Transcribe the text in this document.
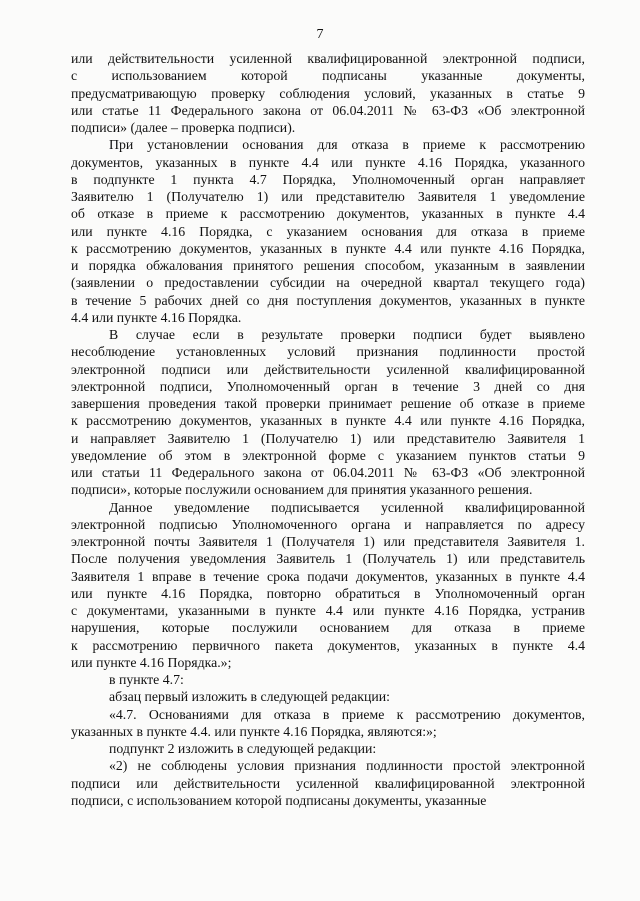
7

или действительности усиленной квалифицированной электронной подписи,

с использованием которой подписаны указанные документы,

предусматривающую проверку соблюдения условий, указанных в статье 9

или статье 11 Федерального закона от 06.04.2011 № 63-ФЗ «Об электронной

подписи» (далее – проверка подписи).

При установлении основания для отказа в приеме к рассмотрению

документов, указанных в пункте 4.4 или пункте 4.16 Порядка, указанного

в подпункте 1 пункта 4.7 Порядка, Уполномоченный орган направляет

Заявителю 1 (Получателю 1) или представителю Заявителя 1 уведомление

об отказе в приеме к рассмотрению документов, указанных в пункте 4.4

или пункте 4.16 Порядка, с указанием основания для отказа в приеме

к рассмотрению документов, указанных в пункте 4.4 или пункте 4.16 Порядка,

и порядка обжалования принятого решения способом, указанным в заявлении

(заявлении о предоставлении субсидии на очередной квартал текущего года)

в течение 5 рабочих дней со дня поступления документов, указанных в пункте

4.4 или пункте 4.16 Порядка.

В случае если в результате проверки подписи будет выявлено

несоблюдение установленных условий признания подлинности простой

электронной подписи или действительности усиленной квалифицированной

электронной подписи, Уполномоченный орган в течение 3 дней со дня

завершения проведения такой проверки принимает решение об отказе в приеме

к рассмотрению документов, указанных в пункте 4.4 или пункте 4.16 Порядка,

и направляет Заявителю 1 (Получателю 1) или представителю Заявителя 1

уведомление об этом в электронной форме с указанием пунктов статьи 9

или статьи 11 Федерального закона от 06.04.2011 № 63-ФЗ «Об электронной

подписи», которые послужили основанием для принятия указанного решения.

Данное уведомление подписывается усиленной квалифицированной

электронной подписью Уполномоченного органа и направляется по адресу

электронной почты Заявителя 1 (Получателя 1) или представителя Заявителя 1.

После получения уведомления Заявитель 1 (Получатель 1) или представитель

Заявителя 1 вправе в течение срока подачи документов, указанных в пункте 4.4

или пункте 4.16 Порядка, повторно обратиться в Уполномоченный орган

с документами, указанными в пункте 4.4 или пункте 4.16 Порядка, устранив

нарушения, которые послужили основанием для отказа в приеме

к рассмотрению первичного пакета документов, указанных в пункте 4.4

или пункте 4.16 Порядка.»;

в пункте 4.7:

абзац первый изложить в следующей редакции:

«4.7. Основаниями для отказа в приеме к рассмотрению документов,

указанных в пункте 4.4. или пункте 4.16 Порядка, являются:»;

подпункт 2 изложить в следующей редакции:

«2) не соблюдены условия признания подлинности простой электронной

подписи или действительности усиленной квалифицированной электронной

подписи, с использованием которой подписаны документы, указанные
